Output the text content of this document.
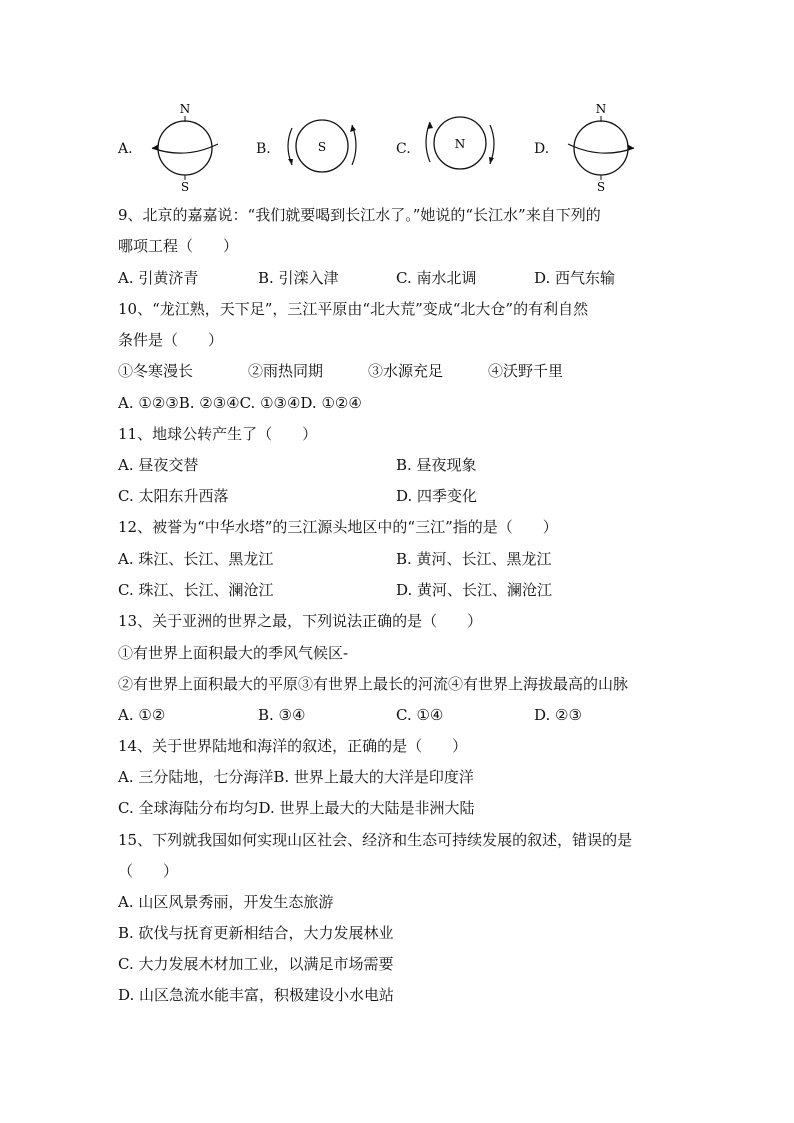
A.
N
S
B.	S	C.	N	D.
N
S
9、北京的嘉嘉说：“我们就要喝到长江水了。”她说的“长江水”来自下列的
哪项工程（　　）
A. 引黄济青	B. 引滦入津	C. 南水北调	D. 西气东输
10、“龙江熟，天下足”，三江平原由“北大荒”变成“北大仓”的有利自然
条件是（　　）
①冬寒漫长	②雨热同期	③水源充足	④沃野千里
A. ①②③B. ②③④C. ①③④D. ①②④
11、地球公转产生了（　　）
A. 昼夜交替	B. 昼夜现象
C. 太阳东升西落	D. 四季变化
12、被誉为“中华水塔”的三江源头地区中的“三江”指的是（　　）
A. 珠江、长江、黑龙江	B. 黄河、长江、黑龙江
C. 珠江、长江、澜沧江	D. 黄河、长江、澜沧江
13、关于亚洲的世界之最，下列说法正确的是（　　）
①有世界上面积最大的季风气候区-
②有世界上面积最大的平原③有世界上最长的河流④有世界上海拔最高的山脉
A. ①②	B. ③④	C. ①④	D. ②③
14、关于世界陆地和海洋的叙述，正确的是（　　）
A. 三分陆地，七分海洋B. 世界上最大的大洋是印度洋
C. 全球海陆分布均匀D. 世界上最大的大陆是非洲大陆
15、下列就我国如何实现山区社会、经济和生态可持续发展的叙述，错误的是
（　　）
A. 山区风景秀丽，开发生态旅游
B. 砍伐与抚育更新相结合，大力发展林业
C. 大力发展木材加工业，以满足市场需要
D. 山区急流水能丰富，积极建设小水电站
